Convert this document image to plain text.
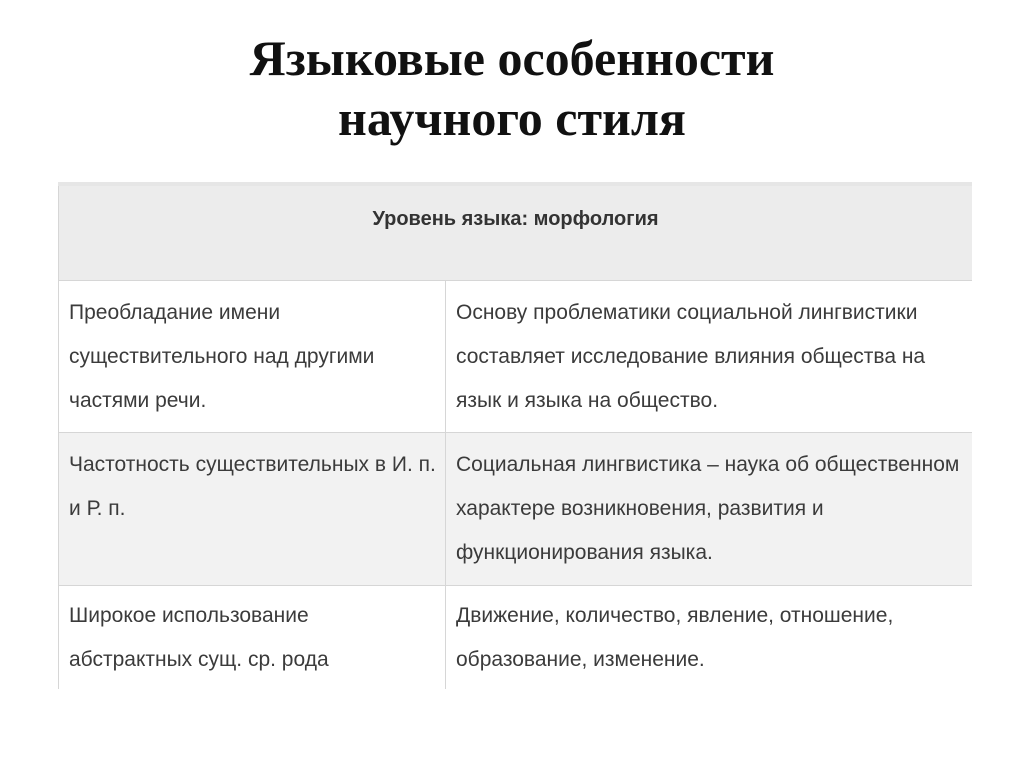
Языковые особенности
научного стиля
Уровень языка: морфология	
Преобладание имени существительного над другими частями речи.	Основу проблематики социальной лингвистики составляет исследование влияния общества на язык и языка на общество.
Частотность существительных в И. п. и Р. п.	Социальная лингвистика – наука об общественном характере возникновения, развития и функционирования языка.
Широкое использование абстрактных сущ. ср. рода	Движение, количество, явление, отношение, образование, изменение.
